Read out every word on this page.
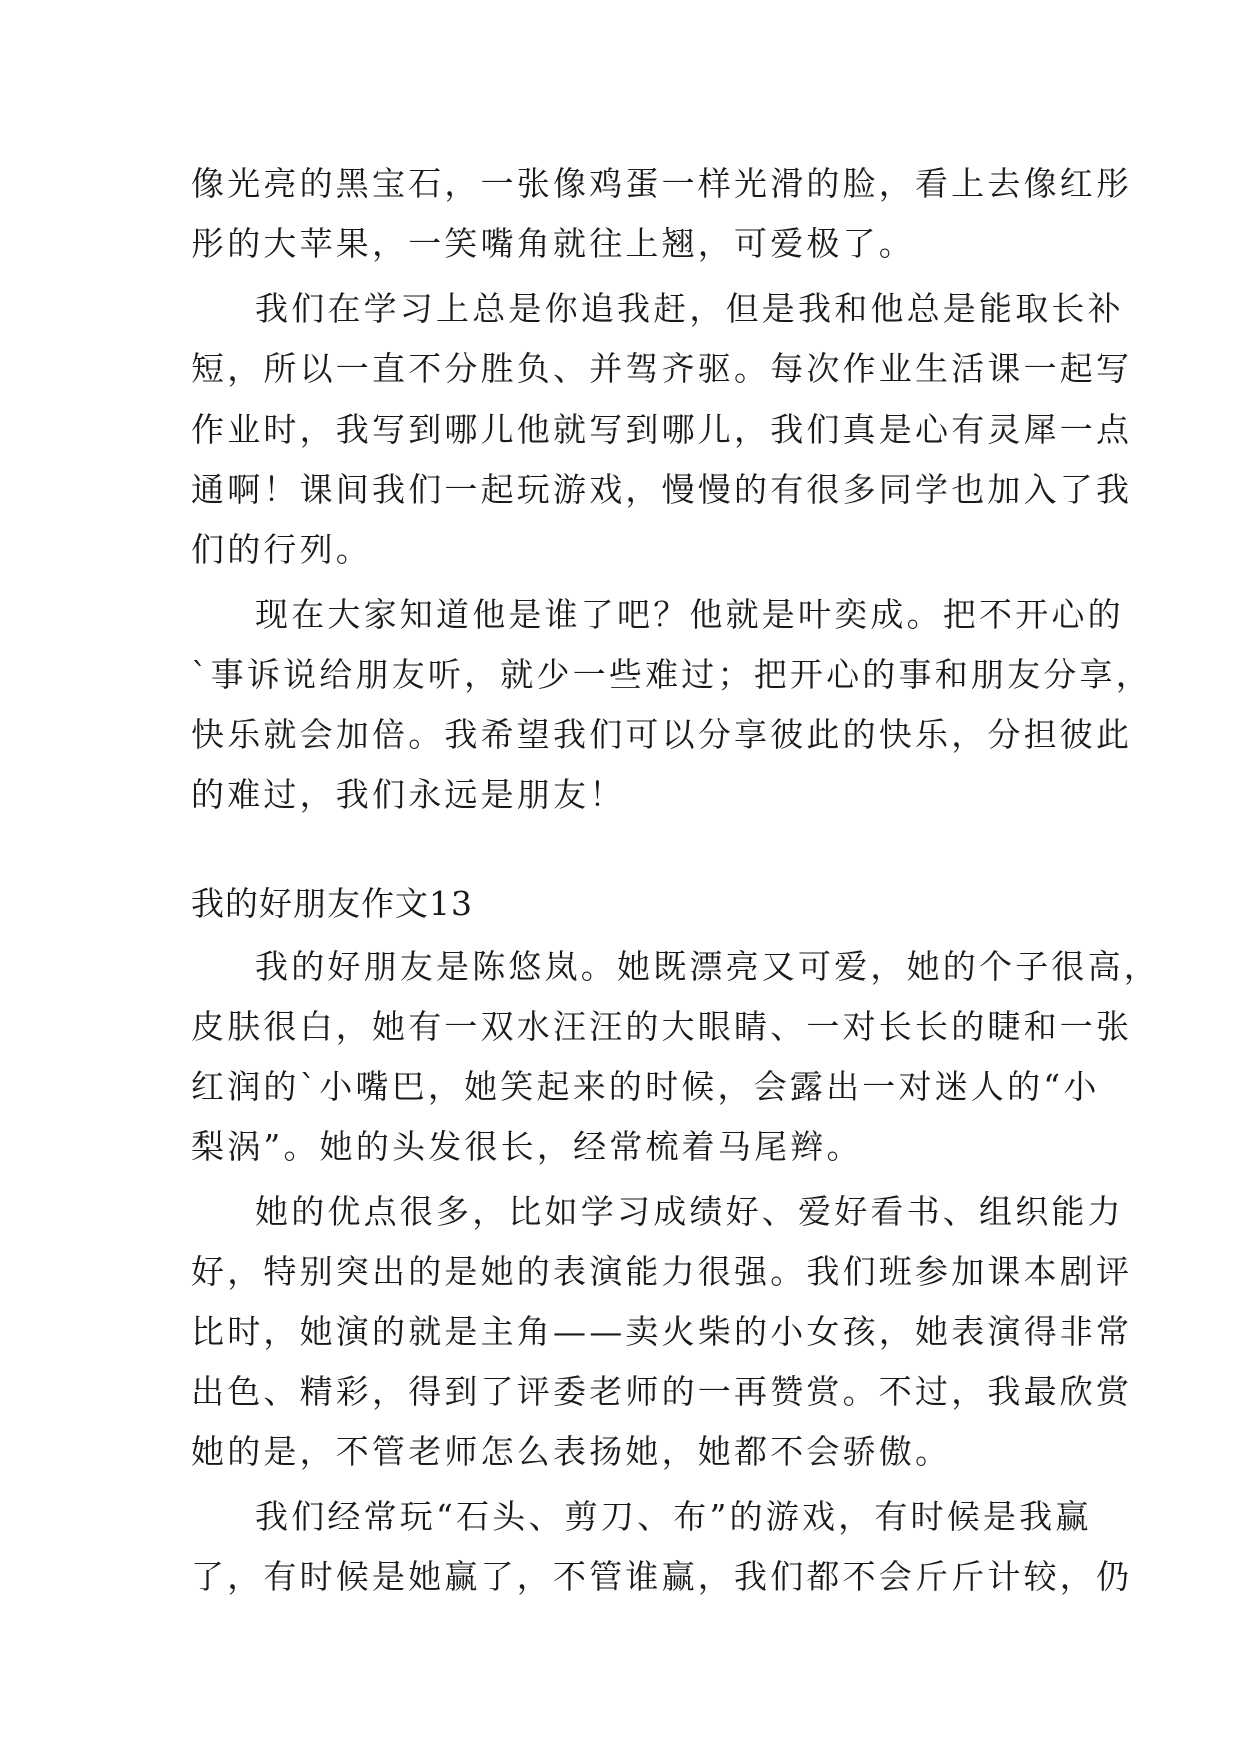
像光亮的黑宝石，一张像鸡蛋一样光滑的脸，看上去像红彤
彤的大苹果，一笑嘴角就往上翘，可爱极了。
我们在学习上总是你追我赶，但是我和他总是能取长补
短，所以一直不分胜负、并驾齐驱。每次作业生活课一起写
作业时，我写到哪儿他就写到哪儿，我们真是心有灵犀一点
通啊！课间我们一起玩游戏，慢慢的有很多同学也加入了我
们的行列。
现在大家知道他是谁了吧？他就是叶奕成。把不开心的
`事诉说给朋友听，就少一些难过；把开心的事和朋友分享，
快乐就会加倍。我希望我们可以分享彼此的快乐，分担彼此
的难过，我们永远是朋友！
我的好朋友作文13
我的好朋友是陈悠岚。她既漂亮又可爱，她的个子很高，
皮肤很白，她有一双水汪汪的大眼睛、一对长长的睫和一张
红润的`小嘴巴，她笑起来的时候，会露出一对迷人的“小
梨涡”。她的头发很长，经常梳着马尾辫。
她的优点很多，比如学习成绩好、爱好看书、组织能力
好，特别突出的是她的表演能力很强。我们班参加课本剧评
比时，她演的就是主角——卖火柴的小女孩，她表演得非常
出色、精彩，得到了评委老师的一再赞赏。不过，我最欣赏
她的是，不管老师怎么表扬她，她都不会骄傲。
我们经常玩“石头、剪刀、布”的游戏，有时候是我赢
了，有时候是她赢了，不管谁赢，我们都不会斤斤计较，仍
